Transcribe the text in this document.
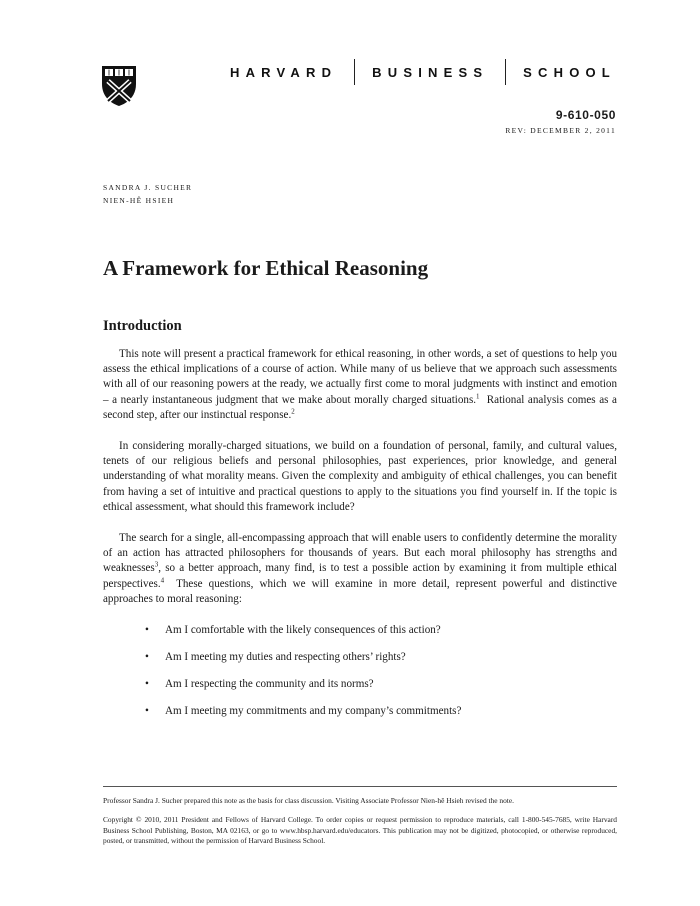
HARVARD	BUSINESS	SCHOOL
9-610-050
REV: DECEMBER 2, 2011
SANDRA J. SUCHER
NIEN-HÊ HSIEH
A Framework for Ethical Reasoning
Introduction

This note will present a practical framework for ethical reasoning, in other words, a set of questions to help you assess the ethical implications of a course of action. While many of us believe that we approach such assessments with all of our reasoning powers at the ready, we actually first come to moral judgments with instinct and emotion – a nearly instantaneous judgment that we make about morally charged situations.$^1$  Rational analysis comes as a second step, after our instinctual response.$^2$

In considering morally-charged situations, we build on a foundation of personal, family, and cultural values, tenets of our religious beliefs and personal philosophies, past experiences, prior knowledge, and general understanding of what morality means. Given the complexity and ambiguity of ethical challenges, you can benefit from having a set of intuitive and practical questions to apply to the situations you find yourself in. If the topic is ethical assessment, what should this framework include?

The search for a single, all-encompassing approach that will enable users to confidently determine the morality of an action has attracted philosophers for thousands of years. But each moral philosophy has strengths and weaknesses$^3$, so a better approach, many find, is to test a possible action by examining it from multiple ethical perspectives.$^4$  These questions, which we will examine in more detail, represent powerful and distinctive approaches to moral reasoning:

•	Am I comfortable with the likely consequences of this action?
•	Am I meeting my duties and respecting others’ rights?
•	Am I respecting the community and its norms?
•	Am I meeting my commitments and my company’s commitments?

Professor Sandra J. Sucher prepared this note as the basis for class discussion. Visiting Associate Professor Nien-hê Hsieh revised the note.

Copyright © 2010, 2011 President and Fellows of Harvard College. To order copies or request permission to reproduce materials, call 1-800-545-7685, write Harvard Business School Publishing, Boston, MA 02163, or go to www.hbsp.harvard.edu/educators. This publication may not be digitized, photocopied, or otherwise reproduced, posted, or transmitted, without the permission of Harvard Business School.
